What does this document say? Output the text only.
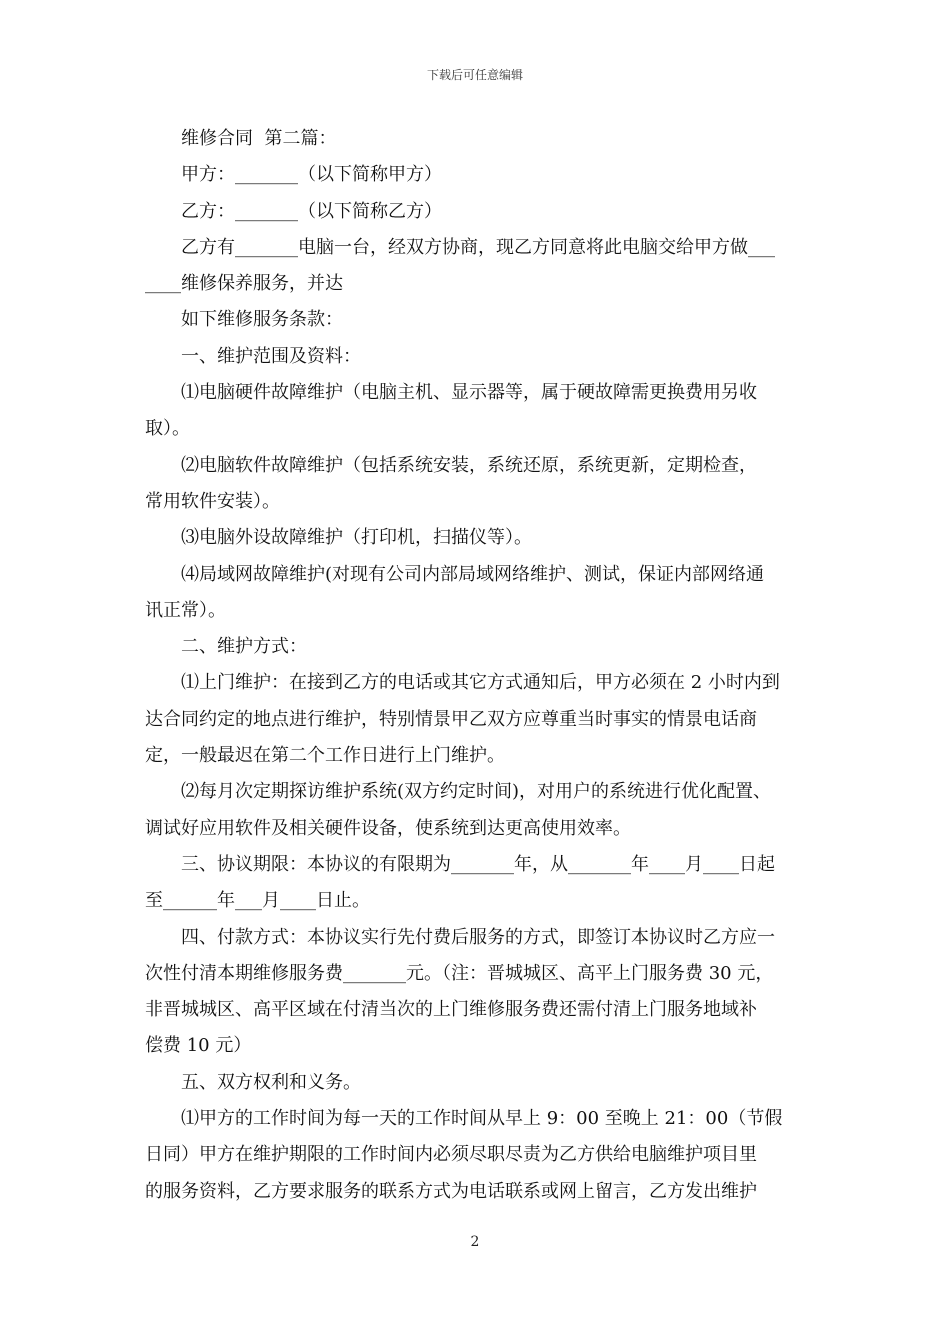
下载后可任意编辑

　　维修合同  第二篇：

　　甲方：_______（以下简称甲方）

　　乙方：_______（以下简称乙方）

　　乙方有_______电脑一台，经双方协商，现乙方同意将此电脑交给甲方做___

____维修保养服务，并达

　　如下维修服务条款：

　　一、维护范围及资料：

　　⑴电脑硬件故障维护（电脑主机、显示器等，属于硬故障需更换费用另收

取）。

　　⑵电脑软件故障维护（包括系统安装，系统还原，系统更新，定期检查，

常用软件安装）。

　　⑶电脑外设故障维护（打印机，扫描仪等）。

　　⑷局域网故障维护(对现有公司内部局域网络维护、测试，保证内部网络通

讯正常）。

　　二、维护方式：

　　⑴上门维护：在接到乙方的电话或其它方式通知后，甲方必须在 2 小时内到

达合同约定的地点进行维护，特别情景甲乙双方应尊重当时事实的情景电话商

定，一般最迟在第二个工作日进行上门维护。

　　⑵每月次定期探访维护系统(双方约定时间)，对用户的系统进行优化配置、

调试好应用软件及相关硬件设备，使系统到达更高使用效率。

　　三、协议期限：本协议的有限期为_______年，从_______年____月____日起

至______年___月____日止。

　　四、付款方式：本协议实行先付费后服务的方式，即签订本协议时乙方应一

次性付清本期维修服务费_______元。（注：晋城城区、高平上门服务费 30 元，

非晋城城区、高平区域在付清当次的上门维修服务费还需付清上门服务地域补

偿费 10 元）

　　五、双方权利和义务。

　　⑴甲方的工作时间为每一天的工作时间从早上 9：00 至晚上 21：00（节假

日同）甲方在维护期限的工作时间内必须尽职尽责为乙方供给电脑维护项目里

的服务资料，乙方要求服务的联系方式为电话联系或网上留言，乙方发出维护

2
